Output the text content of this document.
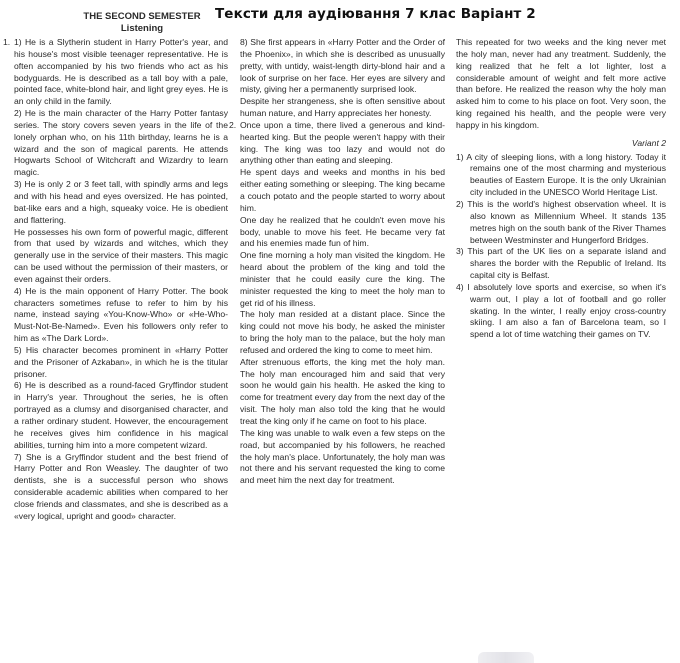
THE SECOND SEMESTER
Listening
Тексти для аудіювання 7 клас Варіант 2
1. 1) He is a Slytherin student in Harry Potter's year, and his house's most visible teenager representative. He is often accompanied by his two friends who act as his bodyguards. He is described as a tall boy with a pale, pointed face, white-blond hair, and light grey eyes. He is an only child in the family.

2) He is the main character of the Harry Potter fantasy series. The story covers seven years in the life of the lonely orphan who, on his 11th birthday, learns he is a wizard and the son of magical parents. He attends Hogwarts School of Witchcraft and Wizardry to learn magic.

3) He is only 2 or 3 feet tall, with spindly arms and legs and with his head and eyes oversized. He has pointed, bat-like ears and a high, squeaky voice. He is obedient and flattering.

He possesses his own form of powerful magic, different from that used by wizards and witches, which they generally use in the service of their masters. This magic can be used without the permission of their masters, or even against their orders.

4) He is the main opponent of Harry Potter. The book characters sometimes refuse to refer to him by his name, instead saying «You-Know-Who» or «He-Who-Must-Not-Be-Named». Even his followers only refer to him as «The Dark Lord».

5) His character becomes prominent in «Harry Potter and the Prisoner of Azkaban», in which he is the titular prisoner.

6) He is described as a round-faced Gryffindor student in Harry's year. Throughout the series, he is often portrayed as a clumsy and disorganised character, and a rather ordinary student. However, the encouragement he receives gives him confidence in his magical abilities, turning him into a more competent wizard.

7) She is a Gryffindor student and the best friend of Harry Potter and Ron Weasley. The daughter of two dentists, she is a successful person who shows considerable academic abilities when compared to her close friends and classmates, and she is described as a «very logical, upright and good» character.

8) She first appears in «Harry Potter and the Order of the Phoenix», in which she is described as unusually pretty, with untidy, waist-length dirty-blond hair and a look of surprise on her face. Her eyes are silvery and misty, giving her a permanently surprised look.

Despite her strangeness, she is often sensitive about human nature, and Harry appreciates her honesty.

2. Once upon a time, there lived a generous and kind-hearted king. But the people weren't happy with their king. The king was too lazy and would not do anything other than eating and sleeping.

He spent days and weeks and months in his bed either eating something or sleeping. The king became a couch potato and the people started to worry about him.

One day he realized that he couldn't even move his body, unable to move his feet. He became very fat and his enemies made fun of him.

One fine morning a holy man visited the kingdom. He heard about the problem of the king and told the minister that he could easily cure the king. The minister requested the king to meet the holy man to get rid of his illness.

The holy man resided at a distant place. Since the king could not move his body, he asked the minister to bring the holy man to the palace, but the holy man refused and ordered the king to come to meet him.

After strenuous efforts, the king met the holy man. The holy man encouraged him and said that very soon he would gain his health. He asked the king to come for treatment every day from the next day of the visit. The holy man also told the king that he would treat the king only if he came on foot to his place.

The king was unable to walk even a few steps on the road, but accompanied by his followers, he reached the holy man's place. Unfortunately, the holy man was not there and his servant requested the king to come and meet him the next day for treatment.

This repeated for two weeks and the king never met the holy man, never had any treatment. Suddenly, the king realized that he felt a lot lighter, lost a considerable amount of weight and felt more active than before. He realized the reason why the holy man asked him to come to his place on foot. Very soon, the king regained his health, and the people were very happy in his kingdom.

Variant 2

1) A city of sleeping lions, with a long history. Today it remains one of the most charming and mysterious beauties of Eastern Europe. It is the only Ukrainian city included in the UNESCO World Heritage List.

2) This is the world's highest observation wheel. It is also known as Millennium Wheel. It stands 135 metres high on the south bank of the River Thames between Westminster and Hungerford Bridges.

3) This part of the UK lies on a separate island and shares the border with the Republic of Ireland. Its capital city is Belfast.

4) I absolutely love sports and exercise, so when it's warm out, I play a lot of football and go roller skating. In the winter, I really enjoy cross-country skiing. I am also a fan of Barcelona team, so I spend a lot of time watching their games on TV.
